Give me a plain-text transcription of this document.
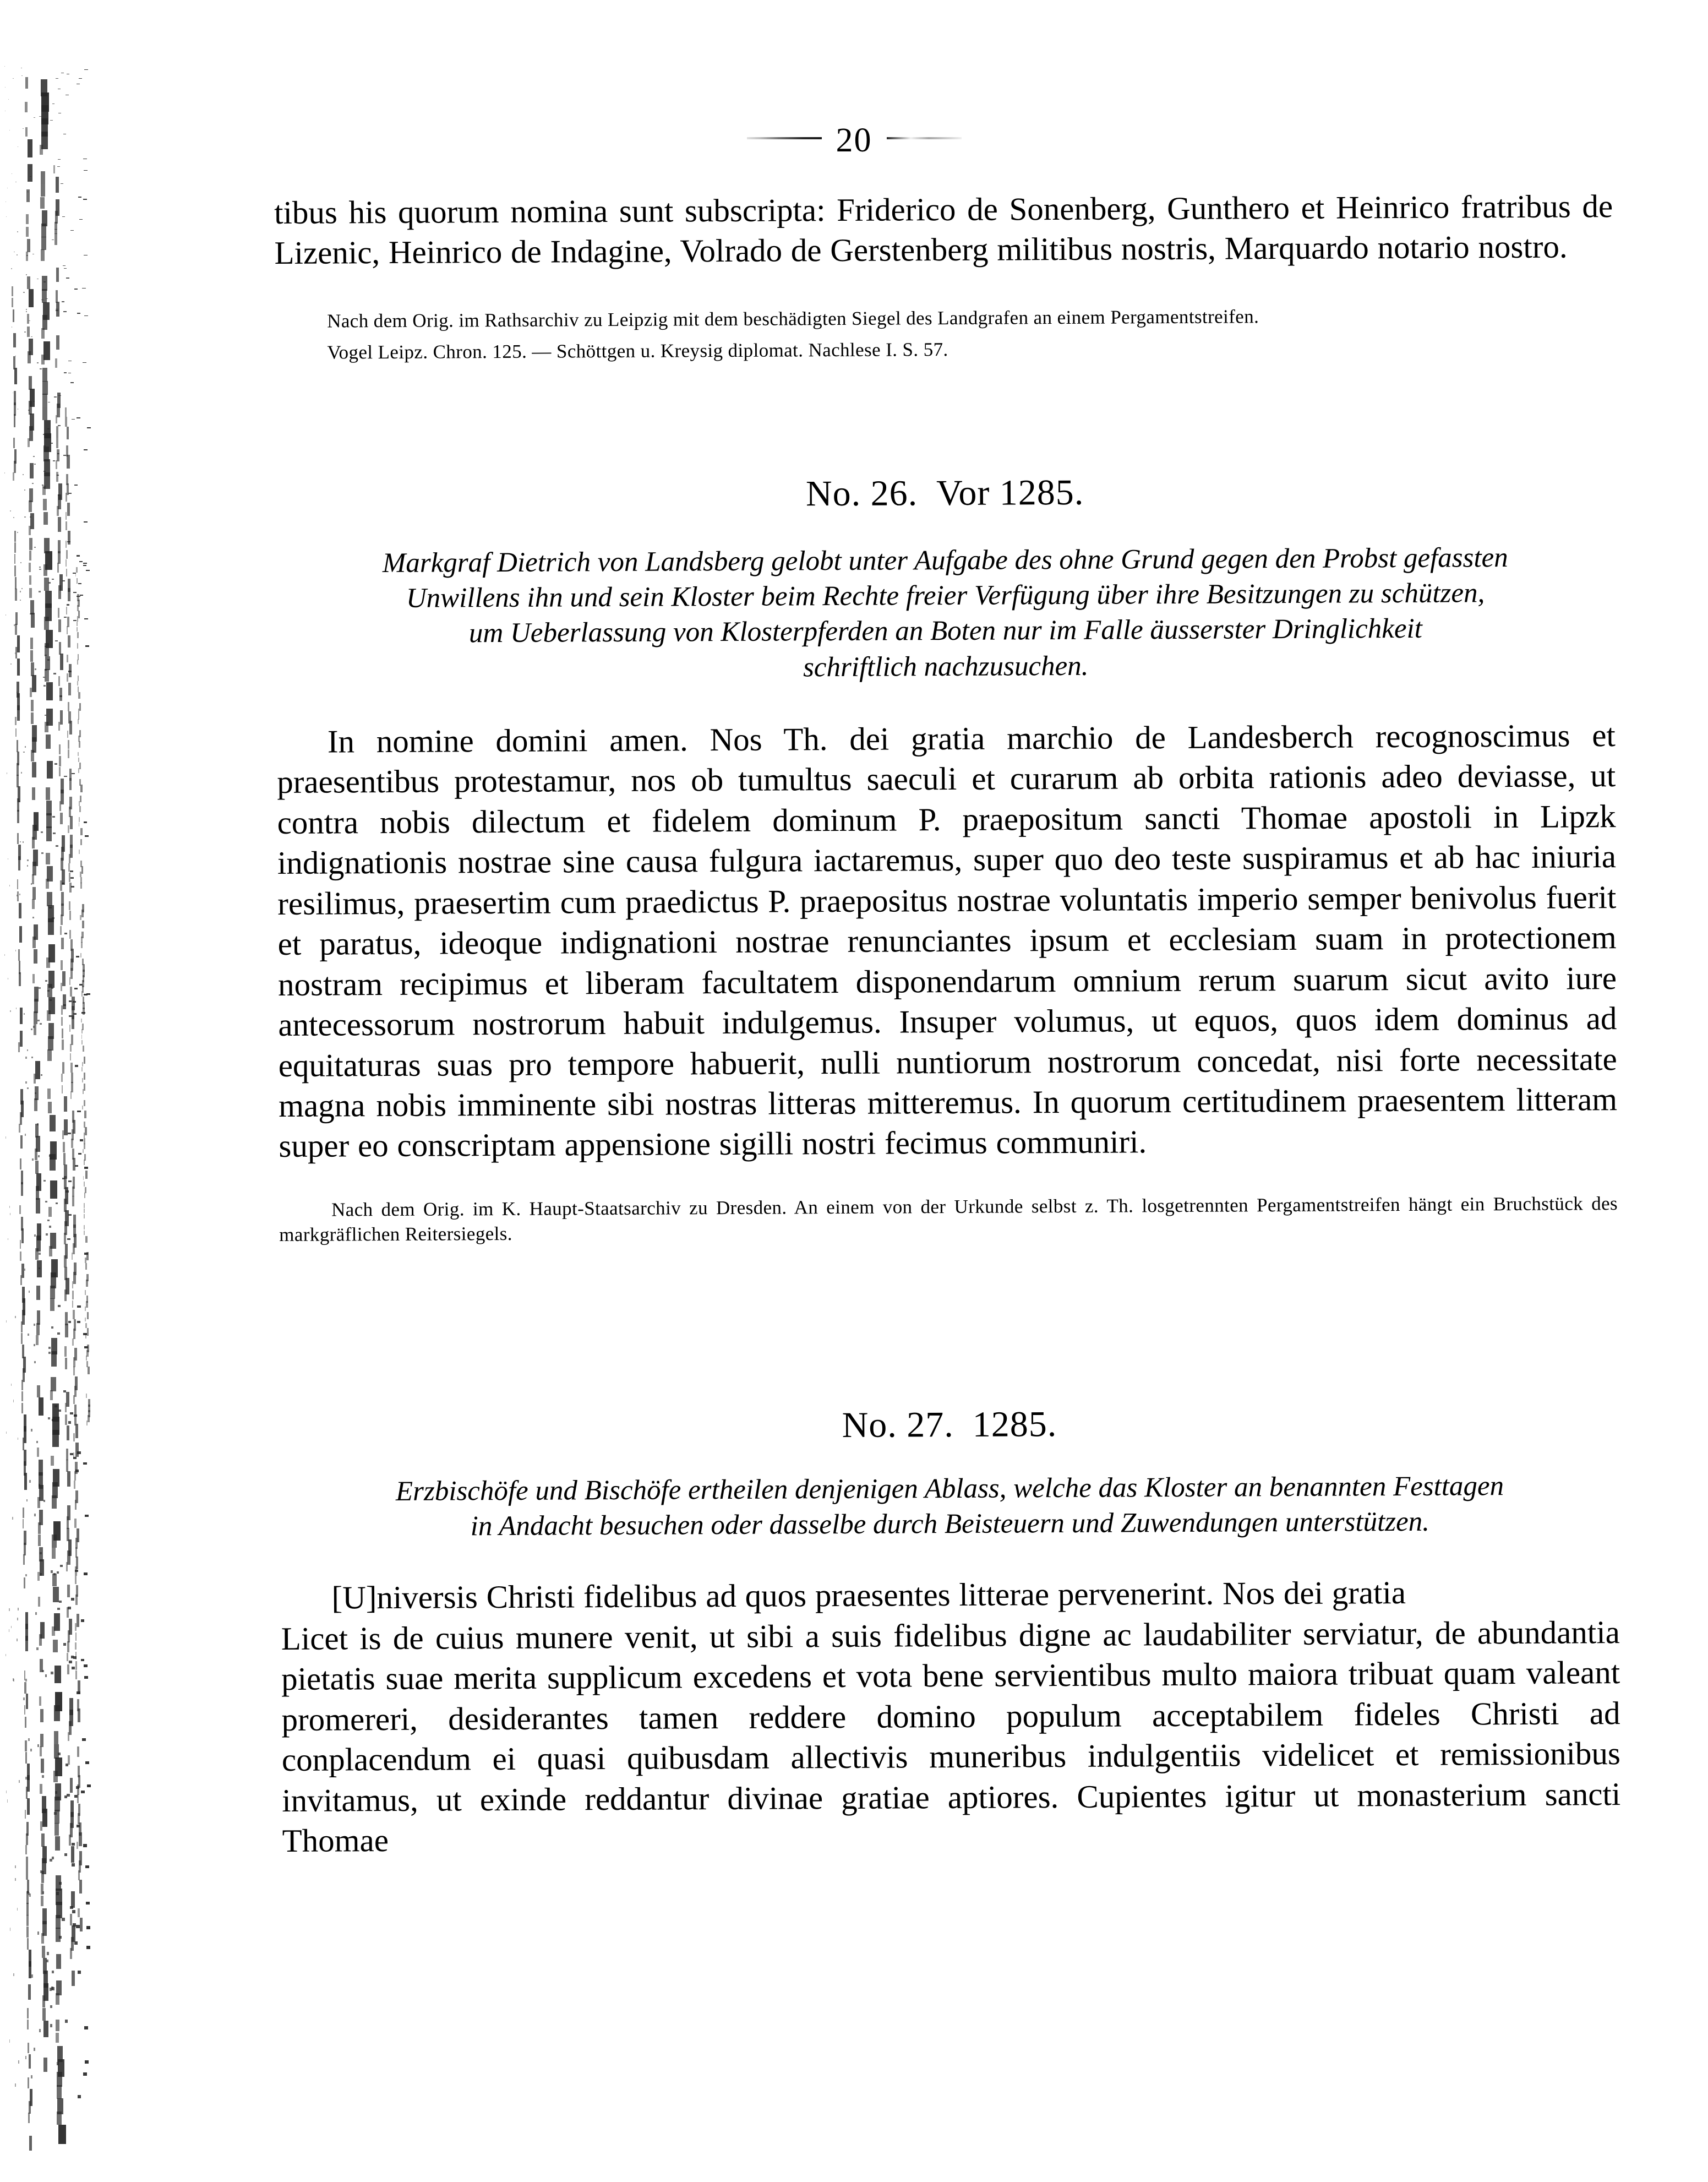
20

tibus his quorum nomina sunt subscripta: Friderico de Sonenberg, Gunthero et Heinrico fratribus de Lizenic, Heinrico de Indagine, Volrado de Gerstenberg militibus nostris, Marquardo notario nostro.

Nach dem Orig. im Rathsarchiv zu Leipzig mit dem beschädigten Siegel des Landgrafen an einem Pergamentstreifen.

Vogel Leipz. Chron. 125. — Schöttgen u. Kreysig diplomat. Nachlese I. S. 57.

No. 26. Vor 1285.

Markgraf Dietrich von Landsberg gelobt unter Aufgabe des ohne Grund gegen den Probst gefassten
Unwillens ihn und sein Kloster beim Rechte freier Verfügung über ihre Besitzungen zu schützen,
um Ueberlassung von Klosterpferden an Boten nur im Falle äusserster Dringlichkeit
schriftlich nachzusuchen.

In nomine domini amen. Nos Th. dei gratia marchio de Landesberch recognoscimus et praesentibus protestamur, nos ob tumultus saeculi et curarum ab orbita rationis adeo deviasse, ut contra nobis dilectum et fidelem dominum P. praepositum sancti Thomae apostoli in Lipzk indignationis nostrae sine causa fulgura iactaremus, super quo deo teste suspiramus et ab hac iniuria resilimus, praesertim cum praedictus P. praepositus nostrae voluntatis imperio semper benivolus fuerit et paratus, ideoque indignationi nostrae renunciantes ipsum et ecclesiam suam in protectionem nostram recipimus et liberam facultatem disponendarum omnium rerum suarum sicut avito iure antecessorum nostrorum habuit indulgemus. Insuper volumus, ut equos, quos idem dominus ad equitaturas suas pro tempore habuerit, nulli nuntiorum nostrorum concedat, nisi forte necessitate magna nobis imminente sibi nostras litteras mitteremus. In quorum certitudinem praesentem litteram super eo conscriptam appensione sigilli nostri fecimus communiri.

Nach dem Orig. im K. Haupt-Staatsarchiv zu Dresden. An einem von der Urkunde selbst z. Th. losgetrennten Pergamentstreifen hängt ein Bruchstück des markgräflichen Reitersiegels.

No. 27. 1285.

Erzbischöfe und Bischöfe ertheilen denjenigen Ablass, welche das Kloster an benannten Festtagen
in Andacht besuchen oder dasselbe durch Beisteuern und Zuwendungen unterstützen.

[U]niversis Christi fidelibus ad quos praesentes litterae pervenerint. Nos dei gratia

Licet is de cuius munere venit, ut sibi a suis fidelibus digne ac laudabiliter serviatur, de abundantia pietatis suae merita supplicum excedens et vota bene servientibus multo maiora tribuat quam valeant promereri, desiderantes tamen reddere domino populum acceptabilem fideles Christi ad conplacendum ei quasi quibusdam allectivis muneribus indulgentiis videlicet et remissionibus invitamus, ut exinde reddantur divinae gratiae aptiores. Cupientes igitur ut monasterium sancti Thomae
